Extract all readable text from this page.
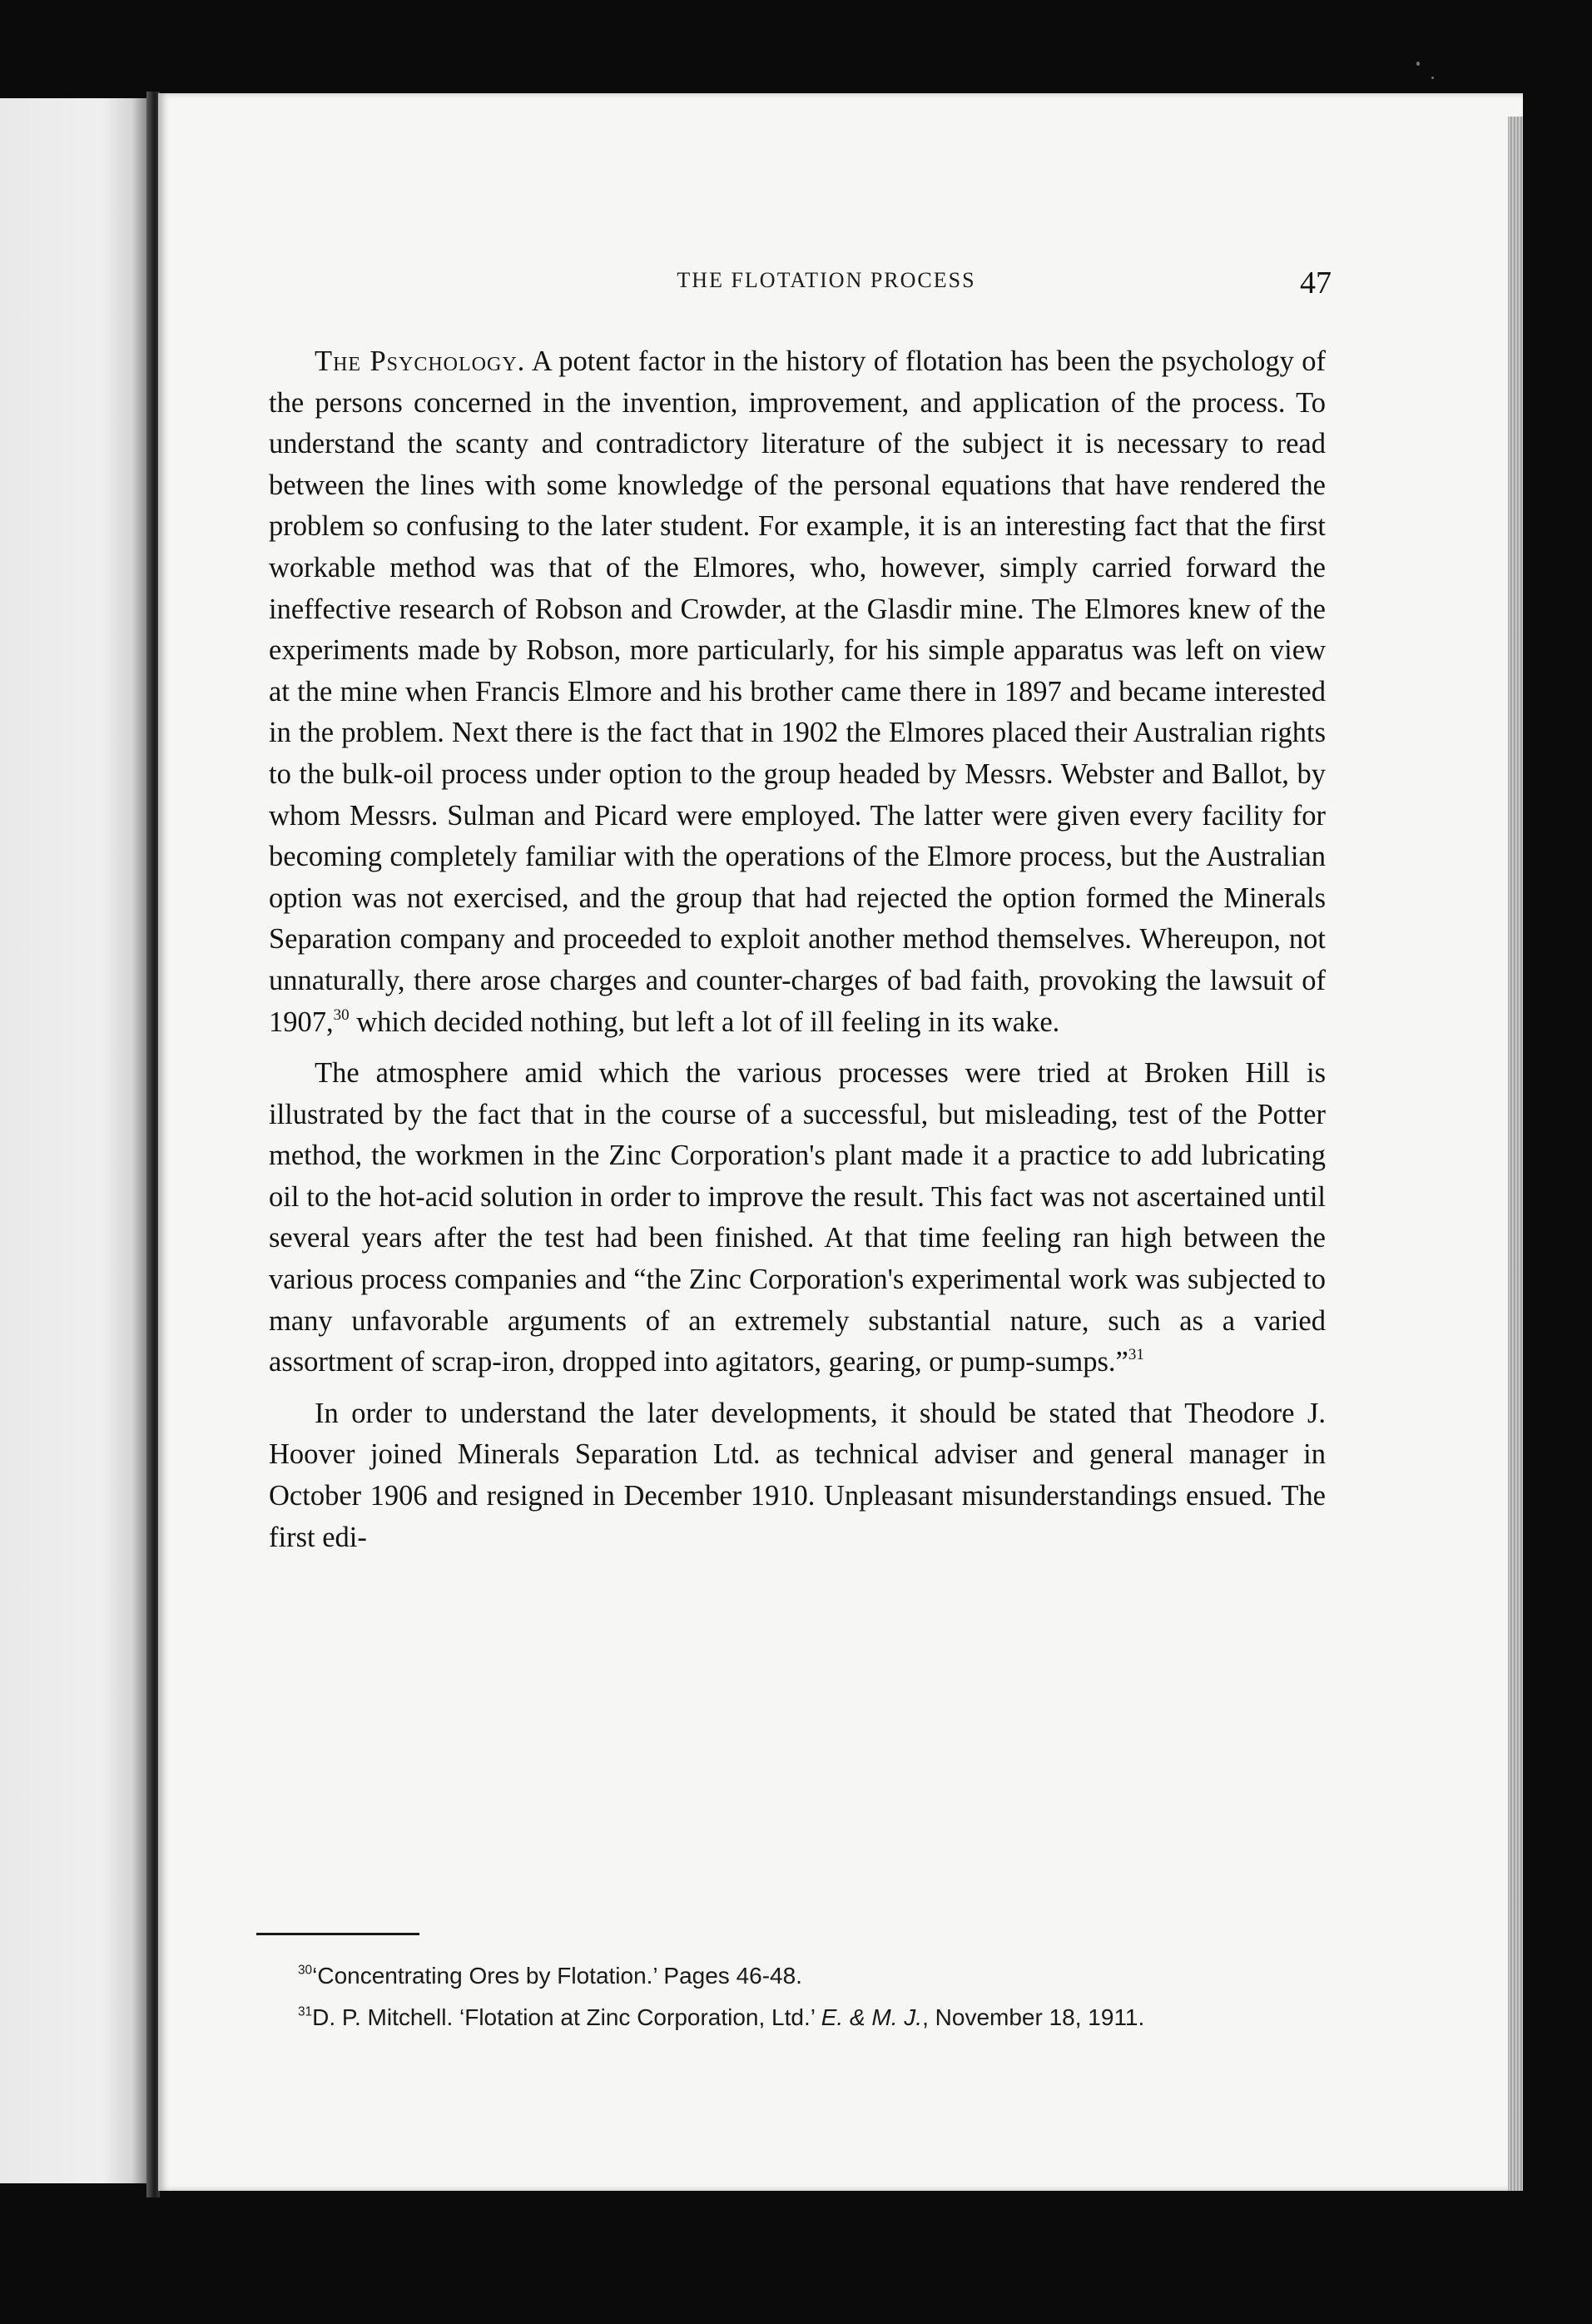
THE FLOTATION PROCESS	47

The Psychology. A potent factor in the history of flotation has been the psychology of the persons concerned in the invention, improvement, and application of the process. To understand the scanty and contradictory literature of the subject it is necessary to read between the lines with some knowledge of the personal equations that have rendered the problem so confusing to the later student. For example, it is an interesting fact that the first workable method was that of the Elmores, who, however, simply carried forward the ineffective research of Robson and Crowder, at the Glasdir mine. The Elmores knew of the experiments made by Robson, more particularly, for his simple apparatus was left on view at the mine when Francis Elmore and his brother came there in 1897 and became interested in the problem. Next there is the fact that in 1902 the Elmores placed their Australian rights to the bulk-oil process under option to the group headed by Messrs. Webster and Ballot, by whom Messrs. Sulman and Picard were employed. The latter were given every facility for becoming completely familiar with the operations of the Elmore process, but the Australian option was not exercised, and the group that had rejected the option formed the Minerals Separation company and proceeded to exploit another method themselves. Whereupon, not unnaturally, there arose charges and counter-charges of bad faith, provoking the lawsuit of 1907,30 which decided nothing, but left a lot of ill feeling in its wake.

The atmosphere amid which the various processes were tried at Broken Hill is illustrated by the fact that in the course of a successful, but misleading, test of the Potter method, the workmen in the Zinc Corporation's plant made it a practice to add lubricating oil to the hot-acid solution in order to improve the result. This fact was not ascertained until several years after the test had been finished. At that time feeling ran high between the various process companies and “the Zinc Corporation's experimental work was subjected to many unfavorable arguments of an extremely substantial nature, such as a varied assortment of scrap-iron, dropped into agitators, gearing, or pump-sumps.”$^{31}$

In order to understand the later developments, it should be stated that Theodore J. Hoover joined Minerals Separation Ltd. as technical adviser and general manager in October 1906 and resigned in December 1910. Unpleasant misunderstandings ensued. The first edi-

$^{30}$‘Concentrating Ores by Flotation.’ Pages 46-48.

$^{31}$D. P. Mitchell. ‘Flotation at Zinc Corporation, Ltd.’ E. & M. J., November 18, 1911.
